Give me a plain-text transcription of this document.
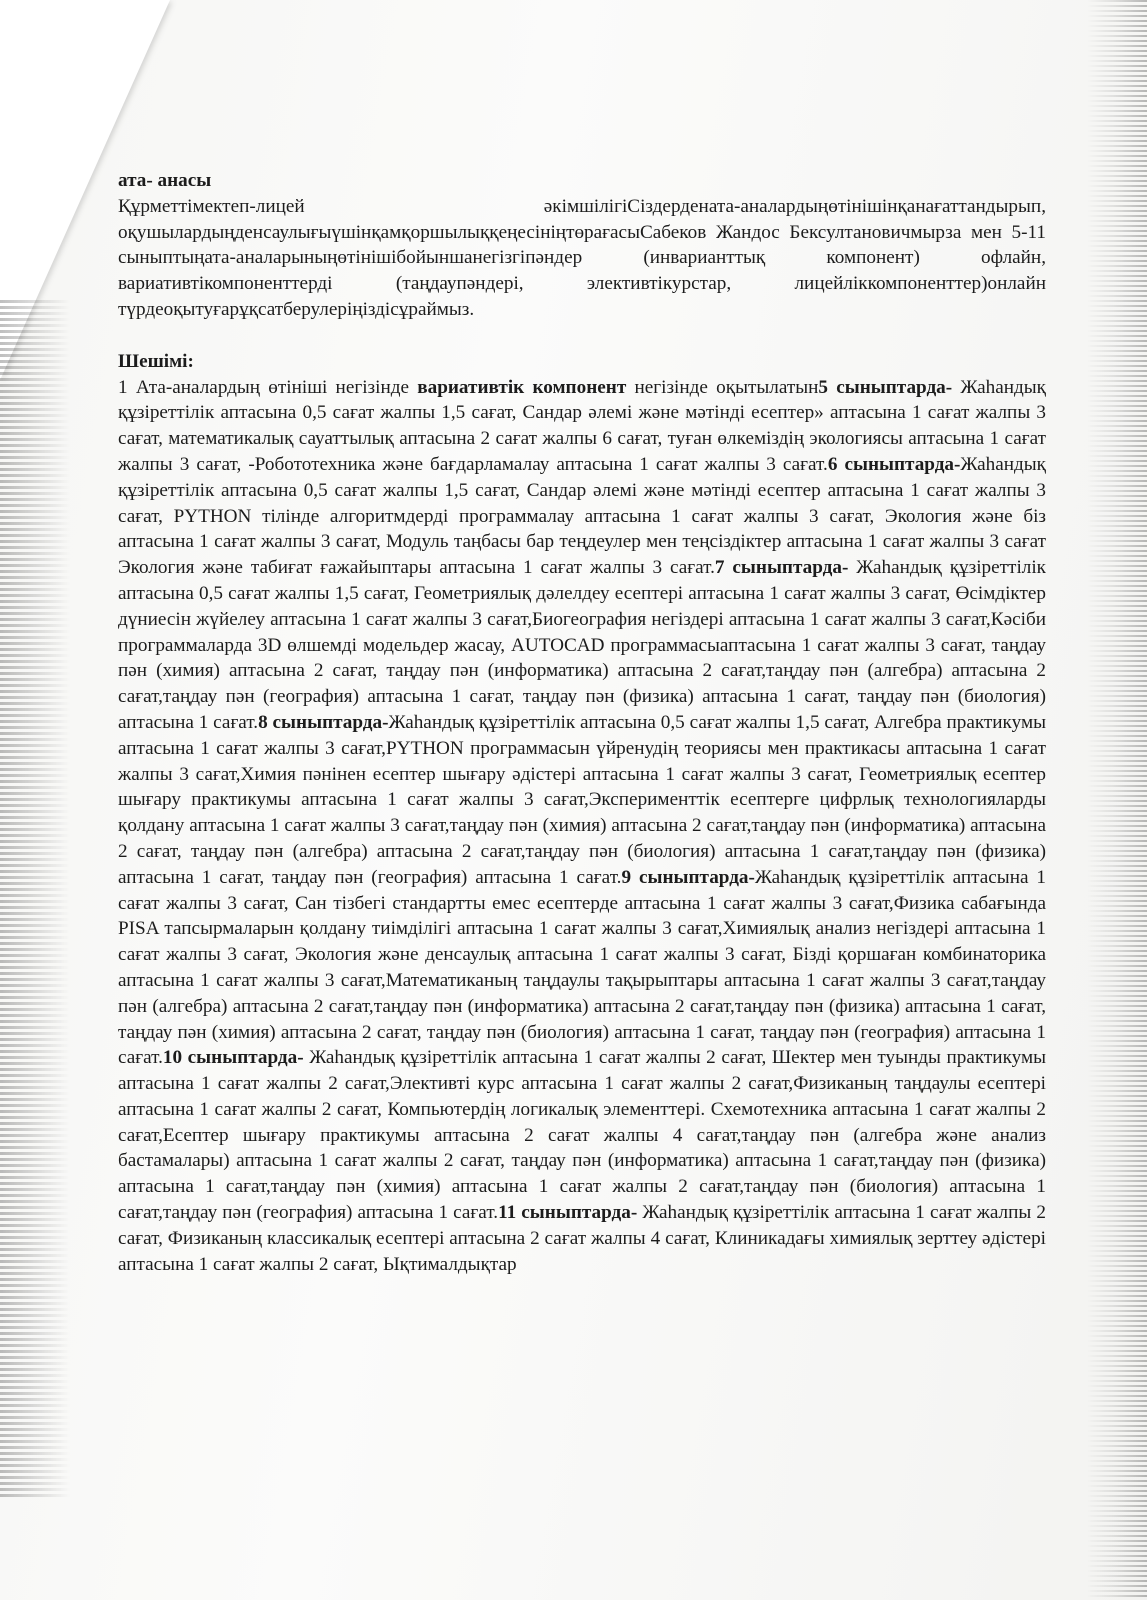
ата- анасы

Құрметтімектеп-лицей әкімшілігіСіздердената-аналардыңөтінішінқанағаттандырып, оқушылардыңденсаулығыүшінқамқоршылыққеңесініңтөрағасыСабеков Жандос Бексултановичмырза мен 5-11 сыныптыңата-аналарыныңөтінішібойыншанегізгіпәндер (инварианттық компонент) офлайн, вариативтікомпоненттерді (таңдаупәндері, элективтікурстар, лицейліккомпоненттер)онлайн түрдеоқытуғарұқсатберулеріңіздісұраймыз.

Шешімі:

1 Ата-аналардың өтініші негізінде вариативтік компонент негізінде оқытылатын5 сыныптарда- Жаһандық құзіреттілік аптасына 0,5 сағат жалпы 1,5 сағат, Сандар әлемі және мәтінді есептер» аптасына 1 сағат жалпы 3 сағат, математикалық сауаттылық аптасына 2 сағат жалпы 6 сағат, туған өлкеміздің экологиясы аптасына 1 сағат жалпы 3 сағат, -Робототехника және бағдарламалау аптасына 1 сағат жалпы 3 сағат.6 сыныптарда-Жаһандық құзіреттілік аптасына 0,5 сағат жалпы 1,5 сағат, Сандар әлемі және мәтінді есептер аптасына 1 сағат жалпы 3 сағат, PYTHON тілінде алгоритмдерді программалау аптасына 1 сағат жалпы 3 сағат, Экология және біз аптасына 1 сағат жалпы 3 сағат, Модуль таңбасы бар теңдеулер мен теңсіздіктер аптасына 1 сағат жалпы 3 сағат Экология және табиғат ғажайыптары аптасына 1 сағат жалпы 3 сағат.7 сыныптарда- Жаһандық құзіреттілік аптасына 0,5 сағат жалпы 1,5 сағат, Геометриялық дәлелдеу есептері аптасына 1 сағат жалпы 3 сағат, Өсімдіктер дүниесін жүйелеу аптасына 1 сағат жалпы 3 сағат,Биогеография негіздері аптасына 1 сағат жалпы 3 сағат,Кәсіби программаларда 3D өлшемді модельдер жасау, AUTOCAD программасыаптасына 1 сағат жалпы 3 сағат, таңдау пән (химия) аптасына 2 сағат, таңдау пән (информатика) аптасына 2 сағат,таңдау пән (алгебра) аптасына 2 сағат,таңдау пән (география) аптасына 1 сағат, таңдау пән (физика) аптасына 1 сағат, таңдау пән (биология) аптасына 1 сағат.8 сыныптарда-Жаһандық құзіреттілік аптасына 0,5 сағат жалпы 1,5 сағат, Алгебра практикумы аптасына 1 сағат жалпы 3 сағат,PYTHON программасын үйренудің теориясы мен практикасы аптасына 1 сағат жалпы 3 сағат,Химия пәнінен есептер шығару әдістері аптасына 1 сағат жалпы 3 сағат, Геометриялық есептер шығару практикумы аптасына 1 сағат жалпы 3 сағат,Эксперименттік есептерге цифрлық технологияларды қолдану аптасына 1 сағат жалпы 3 сағат,таңдау пән (химия) аптасына 2 сағат,таңдау пән (информатика) аптасына 2 сағат, таңдау пән (алгебра) аптасына 2 сағат,таңдау пән (биология) аптасына 1 сағат,таңдау пән (физика) аптасына 1 сағат, таңдау пән (география) аптасына 1 сағат.9 сыныптарда-Жаһандық құзіреттілік аптасына 1 сағат жалпы 3 сағат, Сан тізбегі стандартты емес есептерде аптасына 1 сағат жалпы 3 сағат,Физика сабағында PISA тапсырмаларын қолдану тиімділігі аптасына 1 сағат жалпы 3 сағат,Химиялық анализ негіздері аптасына 1 сағат жалпы 3 сағат, Экология және денсаулық аптасына 1 сағат жалпы 3 сағат, Бізді қоршаған комбинаторика аптасына 1 сағат жалпы 3 сағат,Математиканың таңдаулы тақырыптары аптасына 1 сағат жалпы 3 сағат,таңдау пән (алгебра) аптасына 2 сағат,таңдау пән (информатика) аптасына 2 сағат,таңдау пән (физика) аптасына 1 сағат, таңдау пән (химия) аптасына 2 сағат, таңдау пән (биология) аптасына 1 сағат, таңдау пән (география) аптасына 1 сағат.10 сыныптарда- Жаһандық құзіреттілік аптасына 1 сағат жалпы 2 сағат, Шектер мен туынды практикумы аптасына 1 сағат жалпы 2 сағат,Элективті курс аптасына 1 сағат жалпы 2 сағат,Физиканың таңдаулы есептері аптасына 1 сағат жалпы 2 сағат, Компьютердің логикалық элементтері. Схемотехника аптасына 1 сағат жалпы 2 сағат,Есептер шығару практикумы аптасына 2 сағат жалпы 4 сағат,таңдау пән (алгебра және анализ бастамалары) аптасына 1 сағат жалпы 2 сағат, таңдау пән (информатика) аптасына 1 сағат,таңдау пән (физика) аптасына 1 сағат,таңдау пән (химия) аптасына 1 сағат жалпы 2 сағат,таңдау пән (биология) аптасына 1 сағат,таңдау пән (география) аптасына 1 сағат.11 сыныптарда- Жаһандық құзіреттілік аптасына 1 сағат жалпы 2 сағат, Физиканың классикалық есептері аптасына 2 сағат жалпы 4 сағат, Клиникадағы химиялық зерттеу әдістері аптасына 1 сағат жалпы 2 сағат, Ықтималдықтар
